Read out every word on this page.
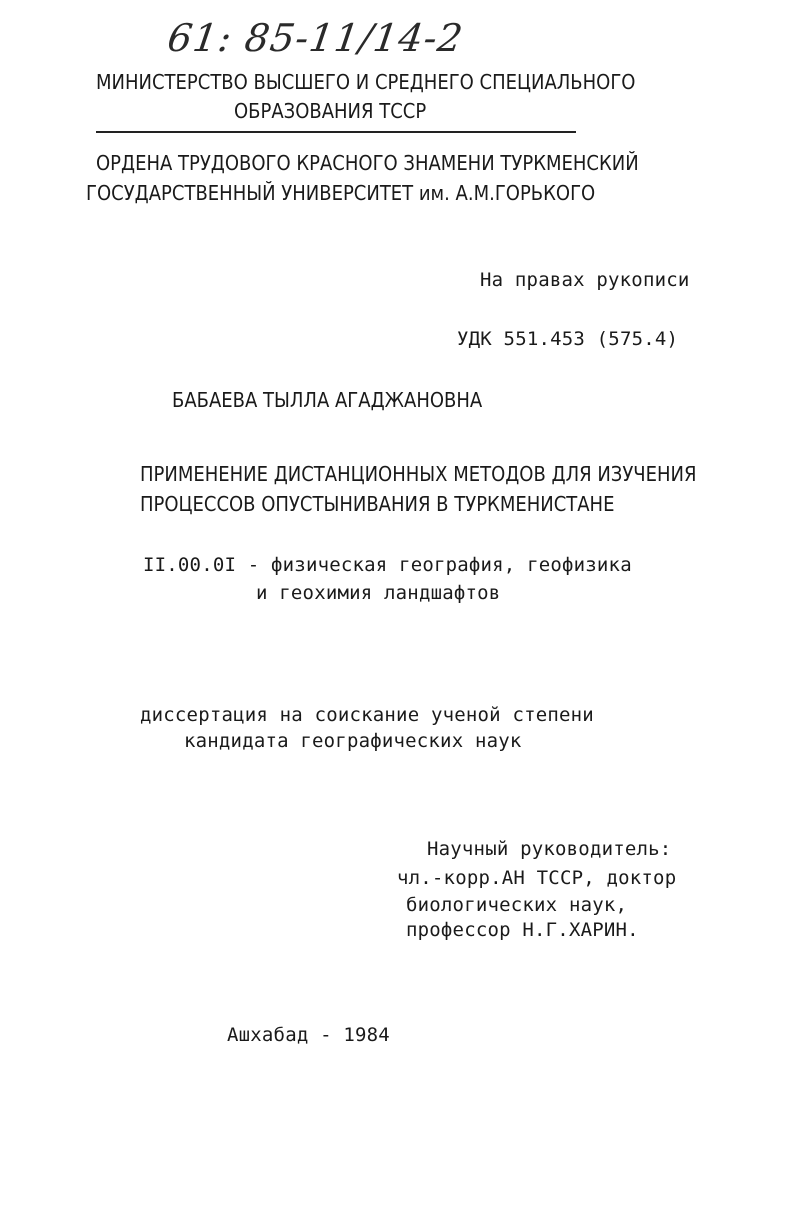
61: 85-11/14-2
МИНИСТЕРСТВО ВЫСШЕГО И СРЕДНЕГО СПЕЦИАЛЬНОГО
ОБРАЗОВАНИЯ ТССР
ОРДЕНА ТРУДОВОГО КРАСНОГО ЗНАМЕНИ ТУРКМЕНСКИЙ
ГОСУДАРСТВЕННЫЙ УНИВЕРСИТЕТ им. А.М.ГОРЬКОГО
На правах рукописи
УДК 551.453 (575.4)
БАБАЕВА ТЫЛЛА АГАДЖАНОВНА
ПРИМЕНЕНИЕ ДИСТАНЦИОННЫХ МЕТОДОВ ДЛЯ ИЗУЧЕНИЯ
ПРОЦЕССОВ ОПУСТЫНИВАНИЯ В ТУРКМЕНИСТАНЕ
II.00.0I - физическая география, геофизика
и геохимия ландшафтов
диссертация на соискание ученой степени
кандидата географических наук
Научный руководитель:
чл.-корр.АН ТССР, доктор
биологических наук,
профессор Н.Г.ХАРИН.
Ашхабад - 1984
